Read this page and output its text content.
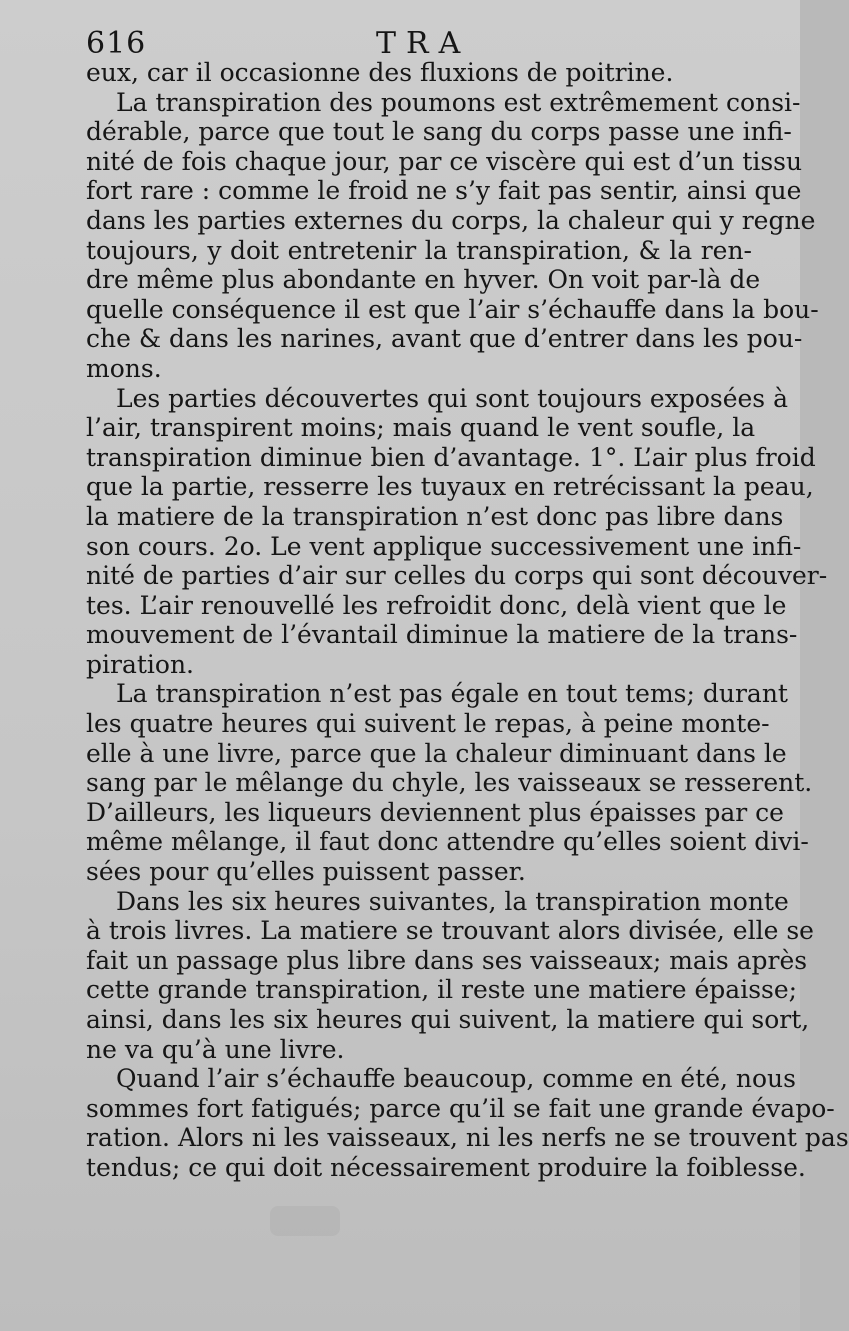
616	TRA
eux, car il occasionne des fluxions de poitrine.
La transpiration des poumons est extrêmement consi-
dérable, parce que tout le sang du corps passe une infi-
nité de fois chaque jour, par ce viscère qui est d’un tissu
fort rare : comme le froid ne s’y fait pas sentir, ainsi que
dans les parties externes du corps, la chaleur qui y regne
toujours, y doit entretenir la transpiration, & la ren-
dre même plus abondante en hyver. On voit par-là de
quelle conséquence il est que l’air s’échauffe dans la bou-
che & dans les narines, avant que d’entrer dans les pou-
mons.
Les parties découvertes qui sont toujours exposées à
l’air, transpirent moins; mais quand le vent soufle, la
transpiration diminue bien d’avantage. 1°. L’air plus froid
que la partie, resserre les tuyaux en retrécissant la peau,
la matiere de la transpiration n’est donc pas libre dans
son cours. 2o. Le vent applique successivement une infi-
nité de parties d’air sur celles du corps qui sont découver-
tes. L’air renouvellé les refroidit donc, delà vient que le
mouvement de l’évantail diminue la matiere de la trans-
piration.
La transpiration n’est pas égale en tout tems; durant
les quatre heures qui suivent le repas, à peine monte-
elle à une livre, parce que la chaleur diminuant dans le
sang par le mêlange du chyle, les vaisseaux se resserent.
D’ailleurs, les liqueurs deviennent plus épaisses par ce
même mêlange, il faut donc attendre qu’elles soient divi-
sées pour qu’elles puissent passer.
Dans les six heures suivantes, la transpiration monte
à trois livres. La matiere se trouvant alors divisée, elle se
fait un passage plus libre dans ses vaisseaux; mais après
cette grande transpiration, il reste une matiere épaisse;
ainsi, dans les six heures qui suivent, la matiere qui sort,
ne va qu’à une livre.
Quand l’air s’échauffe beaucoup, comme en été, nous
sommes fort fatigués; parce qu’il se fait une grande évapo-
ration. Alors ni les vaisseaux, ni les nerfs ne se trouvent pas
tendus; ce qui doit nécessairement produire la foiblesse.
